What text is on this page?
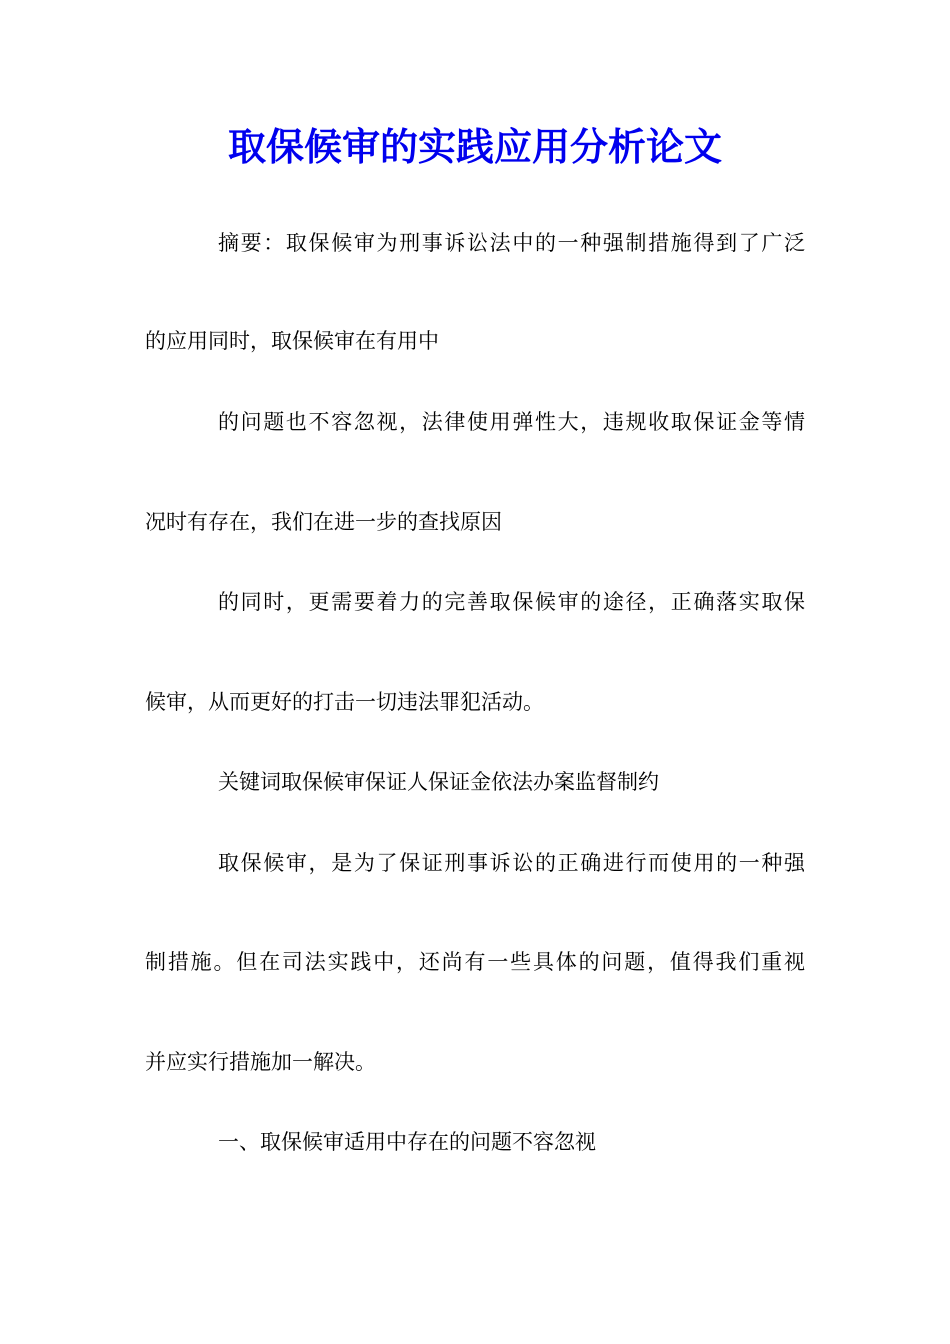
取保候审的实践应用分析论文
摘要：取保候审为刑事诉讼法中的一种强制措施得到了广泛
的应用同时，取保候审在有用中
的问题也不容忽视，法律使用弹性大，违规收取保证金等情
况时有存在，我们在进一步的查找原因
的同时，更需要着力的完善取保候审的途径，正确落实取保
候审，从而更好的打击一切违法罪犯活动。
关键词取保候审保证人保证金依法办案监督制约
取保候审，是为了保证刑事诉讼的正确进行而使用的一种强
制措施。但在司法实践中，还尚有一些具体的问题，值得我们重视
并应实行措施加一解决。
一、取保候审适用中存在的问题不容忽视
